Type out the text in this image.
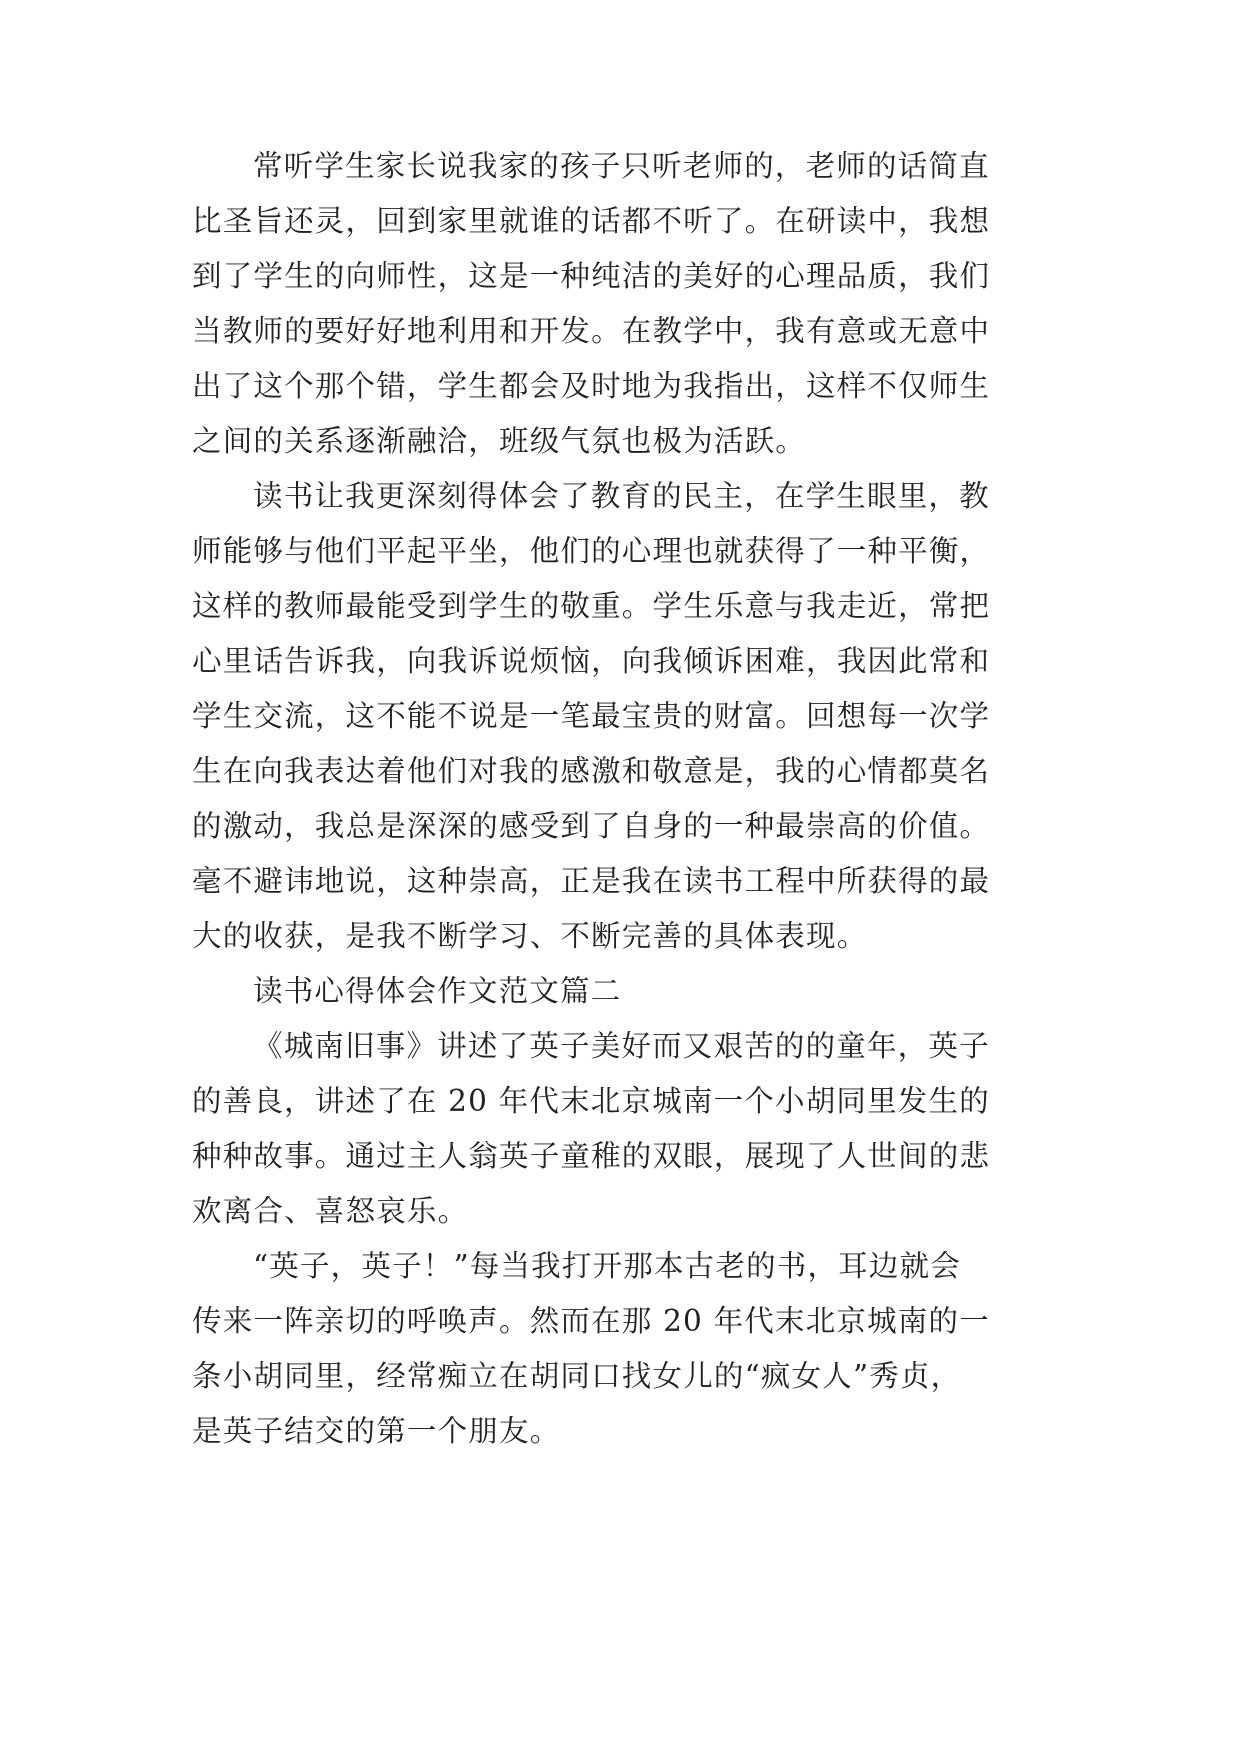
常听学生家长说我家的孩子只听老师的，老师的话简直

比圣旨还灵，回到家里就谁的话都不听了。在研读中，我想

到了学生的向师性，这是一种纯洁的美好的心理品质，我们

当教师的要好好地利用和开发。在教学中，我有意或无意中

出了这个那个错，学生都会及时地为我指出，这样不仅师生

之间的关系逐渐融洽，班级气氛也极为活跃。

读书让我更深刻得体会了教育的民主，在学生眼里，教

师能够与他们平起平坐，他们的心理也就获得了一种平衡，

这样的教师最能受到学生的敬重。学生乐意与我走近，常把

心里话告诉我，向我诉说烦恼，向我倾诉困难，我因此常和

学生交流，这不能不说是一笔最宝贵的财富。回想每一次学

生在向我表达着他们对我的感激和敬意是，我的心情都莫名

的激动，我总是深深的感受到了自身的一种最崇高的价值。

毫不避讳地说，这种崇高，正是我在读书工程中所获得的最

大的收获，是我不断学习、不断完善的具体表现。

读书心得体会作文范文篇二

《城南旧事》讲述了英子美好而又艰苦的的童年，英子

的善良，讲述了在 20 年代末北京城南一个小胡同里发生的

种种故事。通过主人翁英子童稚的双眼，展现了人世间的悲

欢离合、喜怒哀乐。

“英子，英子！”每当我打开那本古老的书，耳边就会

传来一阵亲切的呼唤声。然而在那 20 年代末北京城南的一

条小胡同里，经常痴立在胡同口找女儿的“疯女人”秀贞，

是英子结交的第一个朋友。
